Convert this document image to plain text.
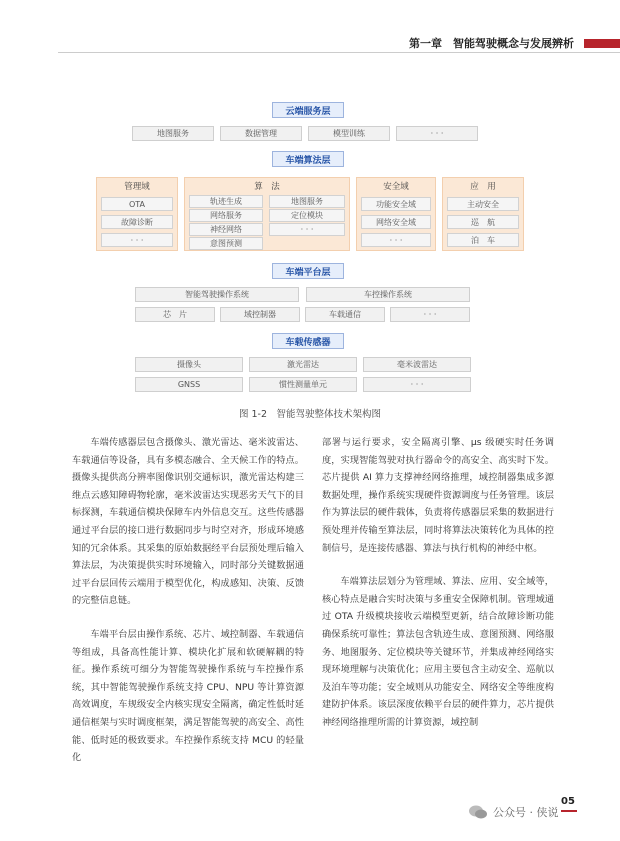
第一章　智能驾驶概念与发展辨析
云端服务层
地图服务	数据管理	模型训练	· · ·
车端算法层
管理域
OTA
故障诊断
· · ·
算　法
轨迹生成
网络服务
神经网络
意图预测
地图服务
定位模块
· · ·
安全域
功能安全域
网络安全域
· · ·
应　用
主动安全
巡　航
泊　车
车端平台层
智能驾驶操作系统	车控操作系统
芯　片	域控制器	车载通信	· · ·
车载传感器
摄像头	激光雷达	毫米波雷达
GNSS	惯性测量单元	· · ·
图 1-2　智能驾驶整体技术架构图

车端传感器层包含摄像头、激光雷达、毫米波雷达、车载通信等设备，具有多模态融合、全天候工作的特点。摄像头提供高分辨率图像识别交通标识，激光雷达构建三维点云感知障碍物轮廓，毫米波雷达实现恶劣天气下的目标探测，车载通信模块保障车内外信息交互。这些传感器通过平台层的接口进行数据同步与时空对齐，形成环境感知的冗余体系。其采集的原始数据经平台层预处理后输入算法层，为决策提供实时环境输入，同时部分关键数据通过平台层回传云端用于模型优化，构成感知、决策、反馈的完整信息链。

车端平台层由操作系统、芯片、域控制器、车载通信等组成，具备高性能计算、模块化扩展和软硬解耦的特征。操作系统可细分为智能驾驶操作系统与车控操作系统，其中智能驾驶操作系统支持 CPU、NPU 等计算资源高效调度，车规级安全内核实现安全隔离，确定性低时延通信框架与实时调度框架，满足智能驾驶的高安全、高性能、低时延的极致要求。车控操作系统支持 MCU 的轻量化

部署与运行要求，安全隔离引擎、μs 级硬实时任务调度，实现智能驾驶对执行器命令的高安全、高实时下发。芯片提供 AI 算力支撑神经网络推理，域控制器集成多源数据处理，操作系统实现硬件资源调度与任务管理。该层作为算法层的硬件载体，负责将传感器层采集的数据进行预处理并传输至算法层，同时将算法决策转化为具体的控制信号，是连接传感器、算法与执行机构的神经中枢。

车端算法层划分为管理域、算法、应用、安全域等，核心特点是融合实时决策与多重安全保障机制。管理域通过 OTA 升级模块接收云端模型更新，结合故障诊断功能确保系统可靠性；算法包含轨迹生成、意图预测、网络服务、地图服务、定位模块等关键环节，并集成神经网络实现环境理解与决策优化；应用主要包含主动安全、巡航以及泊车等功能；安全域则从功能安全、网络安全等维度构建防护体系。该层深度依赖平台层的硬件算力，芯片提供神经网络推理所需的计算资源，域控制

公众号 · 侠说
05
